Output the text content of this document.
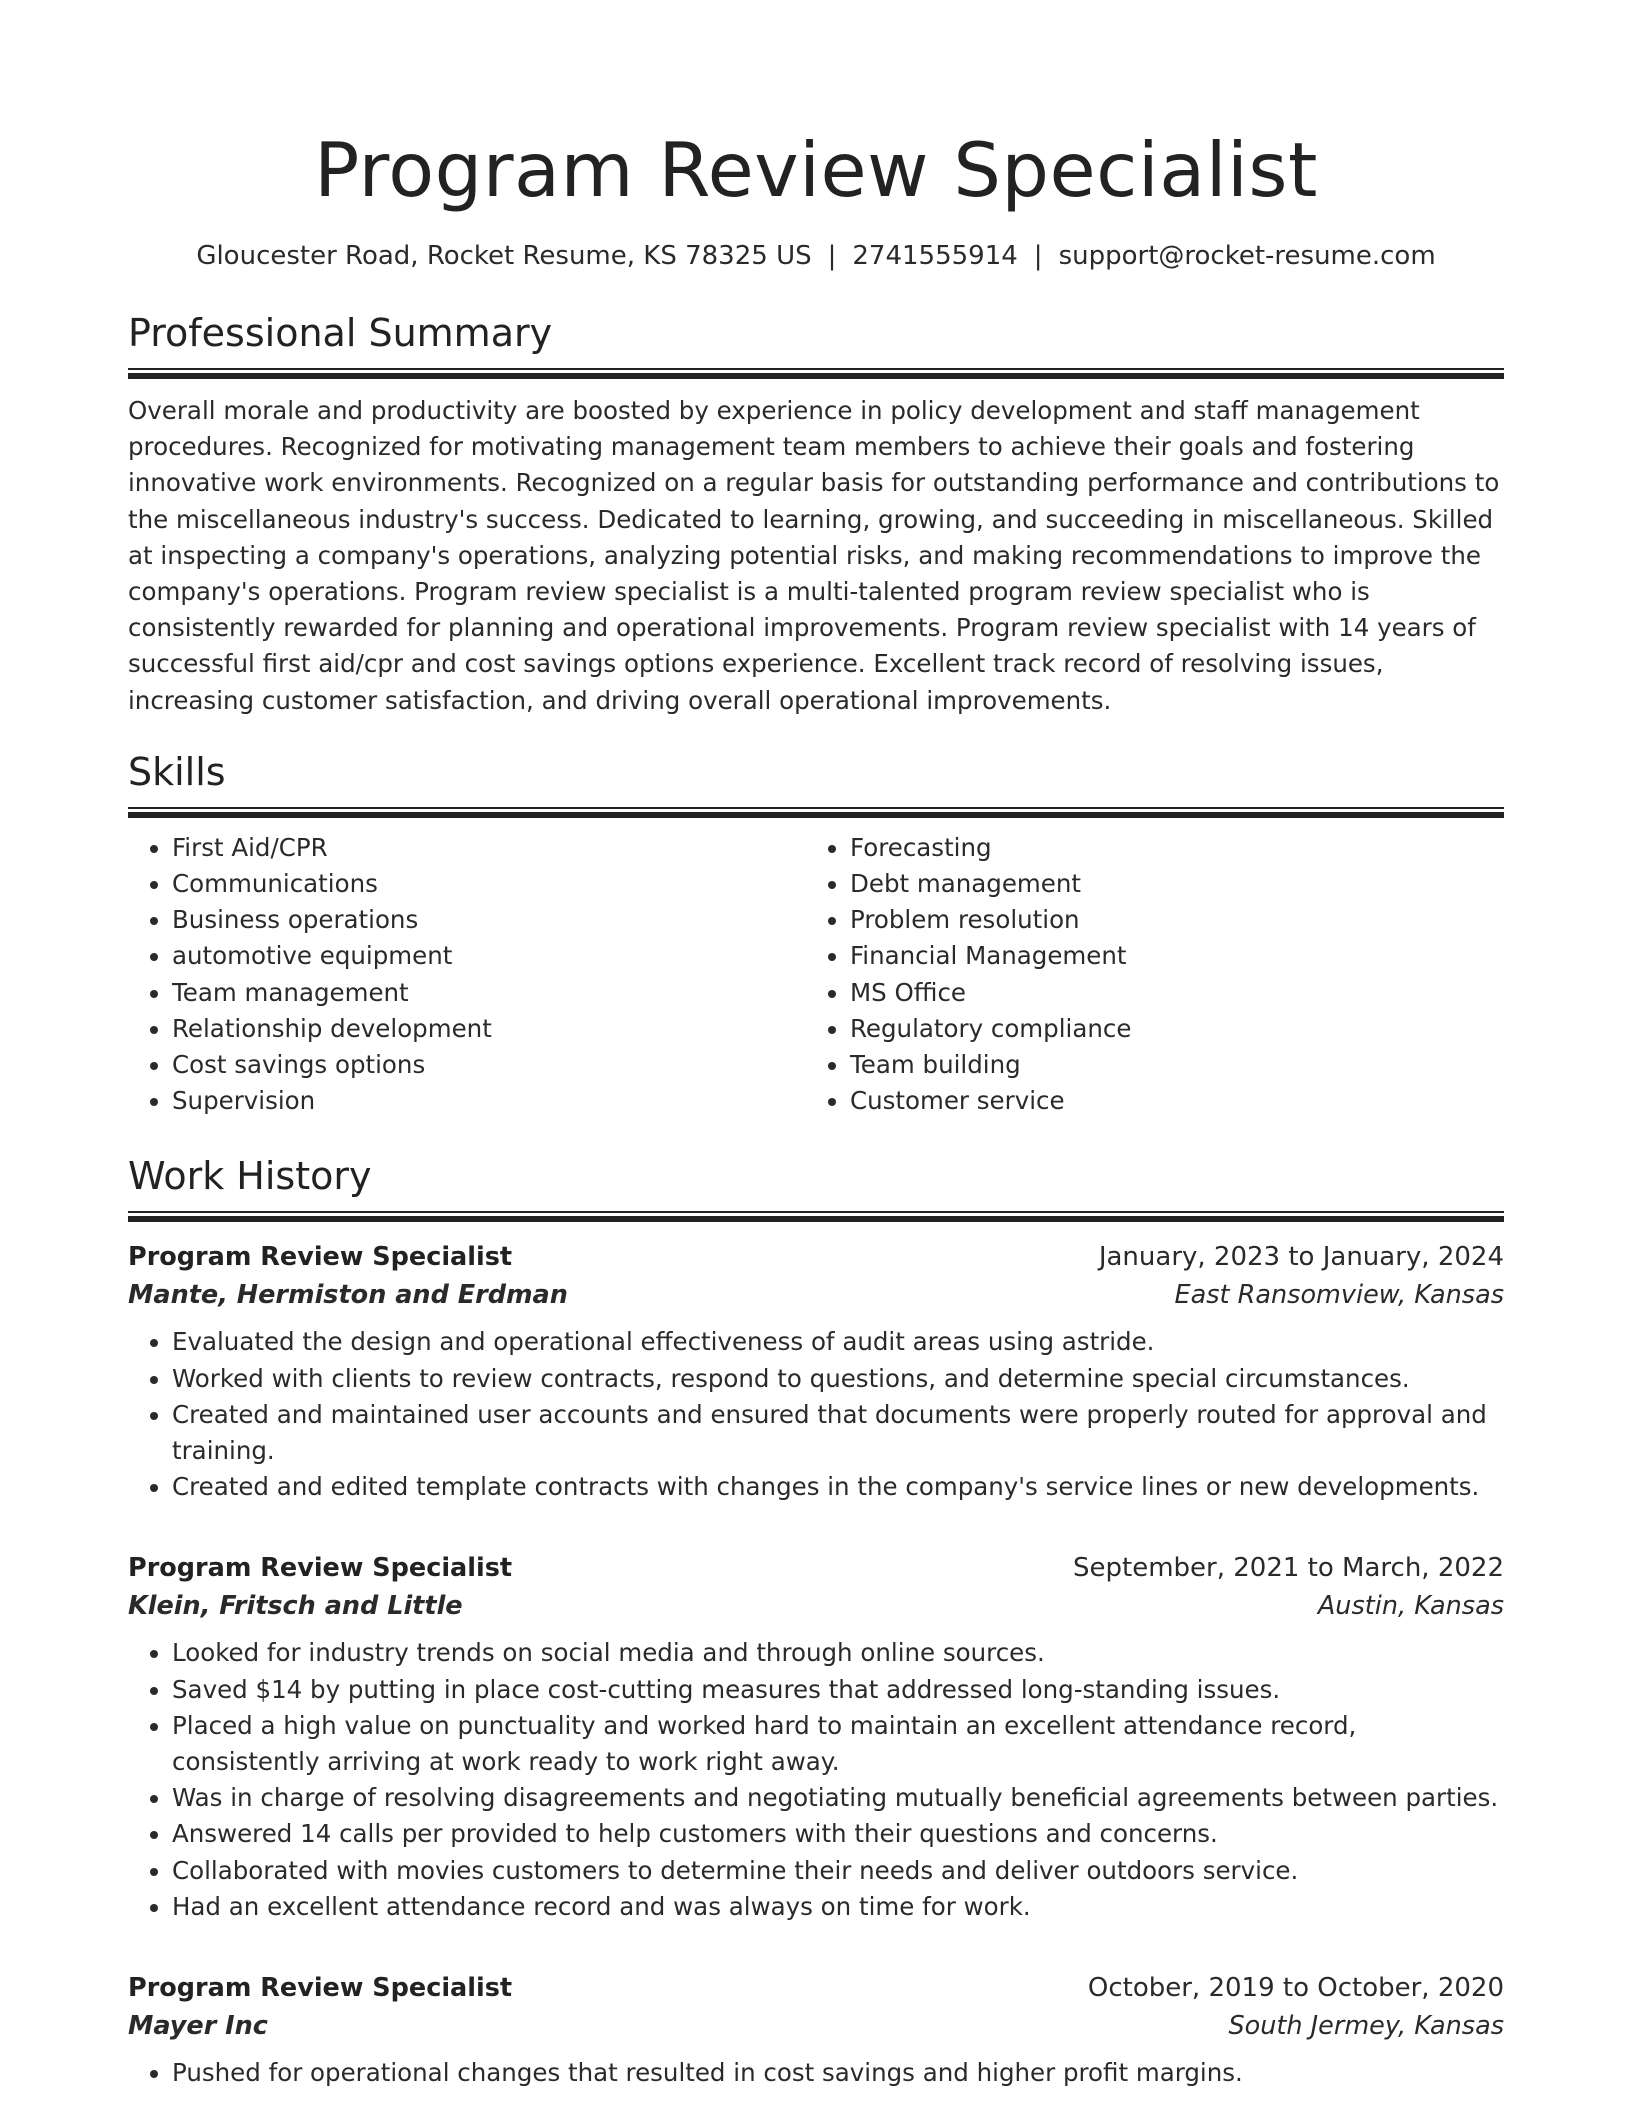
Program Review Specialist
Gloucester Road, Rocket Resume, KS 78325 US | 2741555914 | support@rocket-resume.com
Professional Summary

Overall morale and productivity are boosted by experience in policy development and staff management procedures. Recognized for motivating management team members to achieve their goals and fostering innovative work environments. Recognized on a regular basis for outstanding performance and contributions to the miscellaneous industry's success. Dedicated to learning, growing, and succeeding in miscellaneous. Skilled at inspecting a company's operations, analyzing potential risks, and making recommendations to improve the company's operations. Program review specialist is a multi-talented program review specialist who is consistently rewarded for planning and operational improvements. Program review specialist with 14 years of successful first aid/cpr and cost savings options experience. Excellent track record of resolving issues, increasing customer satisfaction, and driving overall operational improvements.

Skills
• First Aid/CPR
• Communications
• Business operations
• automotive equipment
• Team management
• Relationship development
• Cost savings options
• Supervision
• Forecasting
• Debt management
• Problem resolution
• Financial Management
• MS Office
• Regulatory compliance
• Team building
• Customer service
Work History
Program Review Specialist	January, 2023 to January, 2024
Mante, Hermiston and Erdman	East Ransomview, Kansas
• Evaluated the design and operational effectiveness of audit areas using astride.
• Worked with clients to review contracts, respond to questions, and determine special circumstances.
• Created and maintained user accounts and ensured that documents were properly routed for approval and training.
• Created and edited template contracts with changes in the company's service lines or new developments.
Program Review Specialist	September, 2021 to March, 2022
Klein, Fritsch and Little	Austin, Kansas
• Looked for industry trends on social media and through online sources.
• Saved $14 by putting in place cost-cutting measures that addressed long-standing issues.
• Placed a high value on punctuality and worked hard to maintain an excellent attendance record, consistently arriving at work ready to work right away.
• Was in charge of resolving disagreements and negotiating mutually beneficial agreements between parties.
• Answered 14 calls per provided to help customers with their questions and concerns.
• Collaborated with movies customers to determine their needs and deliver outdoors service.
• Had an excellent attendance record and was always on time for work.
Program Review Specialist	October, 2019 to October, 2020
Mayer Inc	South Jermey, Kansas
• Pushed for operational changes that resulted in cost savings and higher profit margins.
